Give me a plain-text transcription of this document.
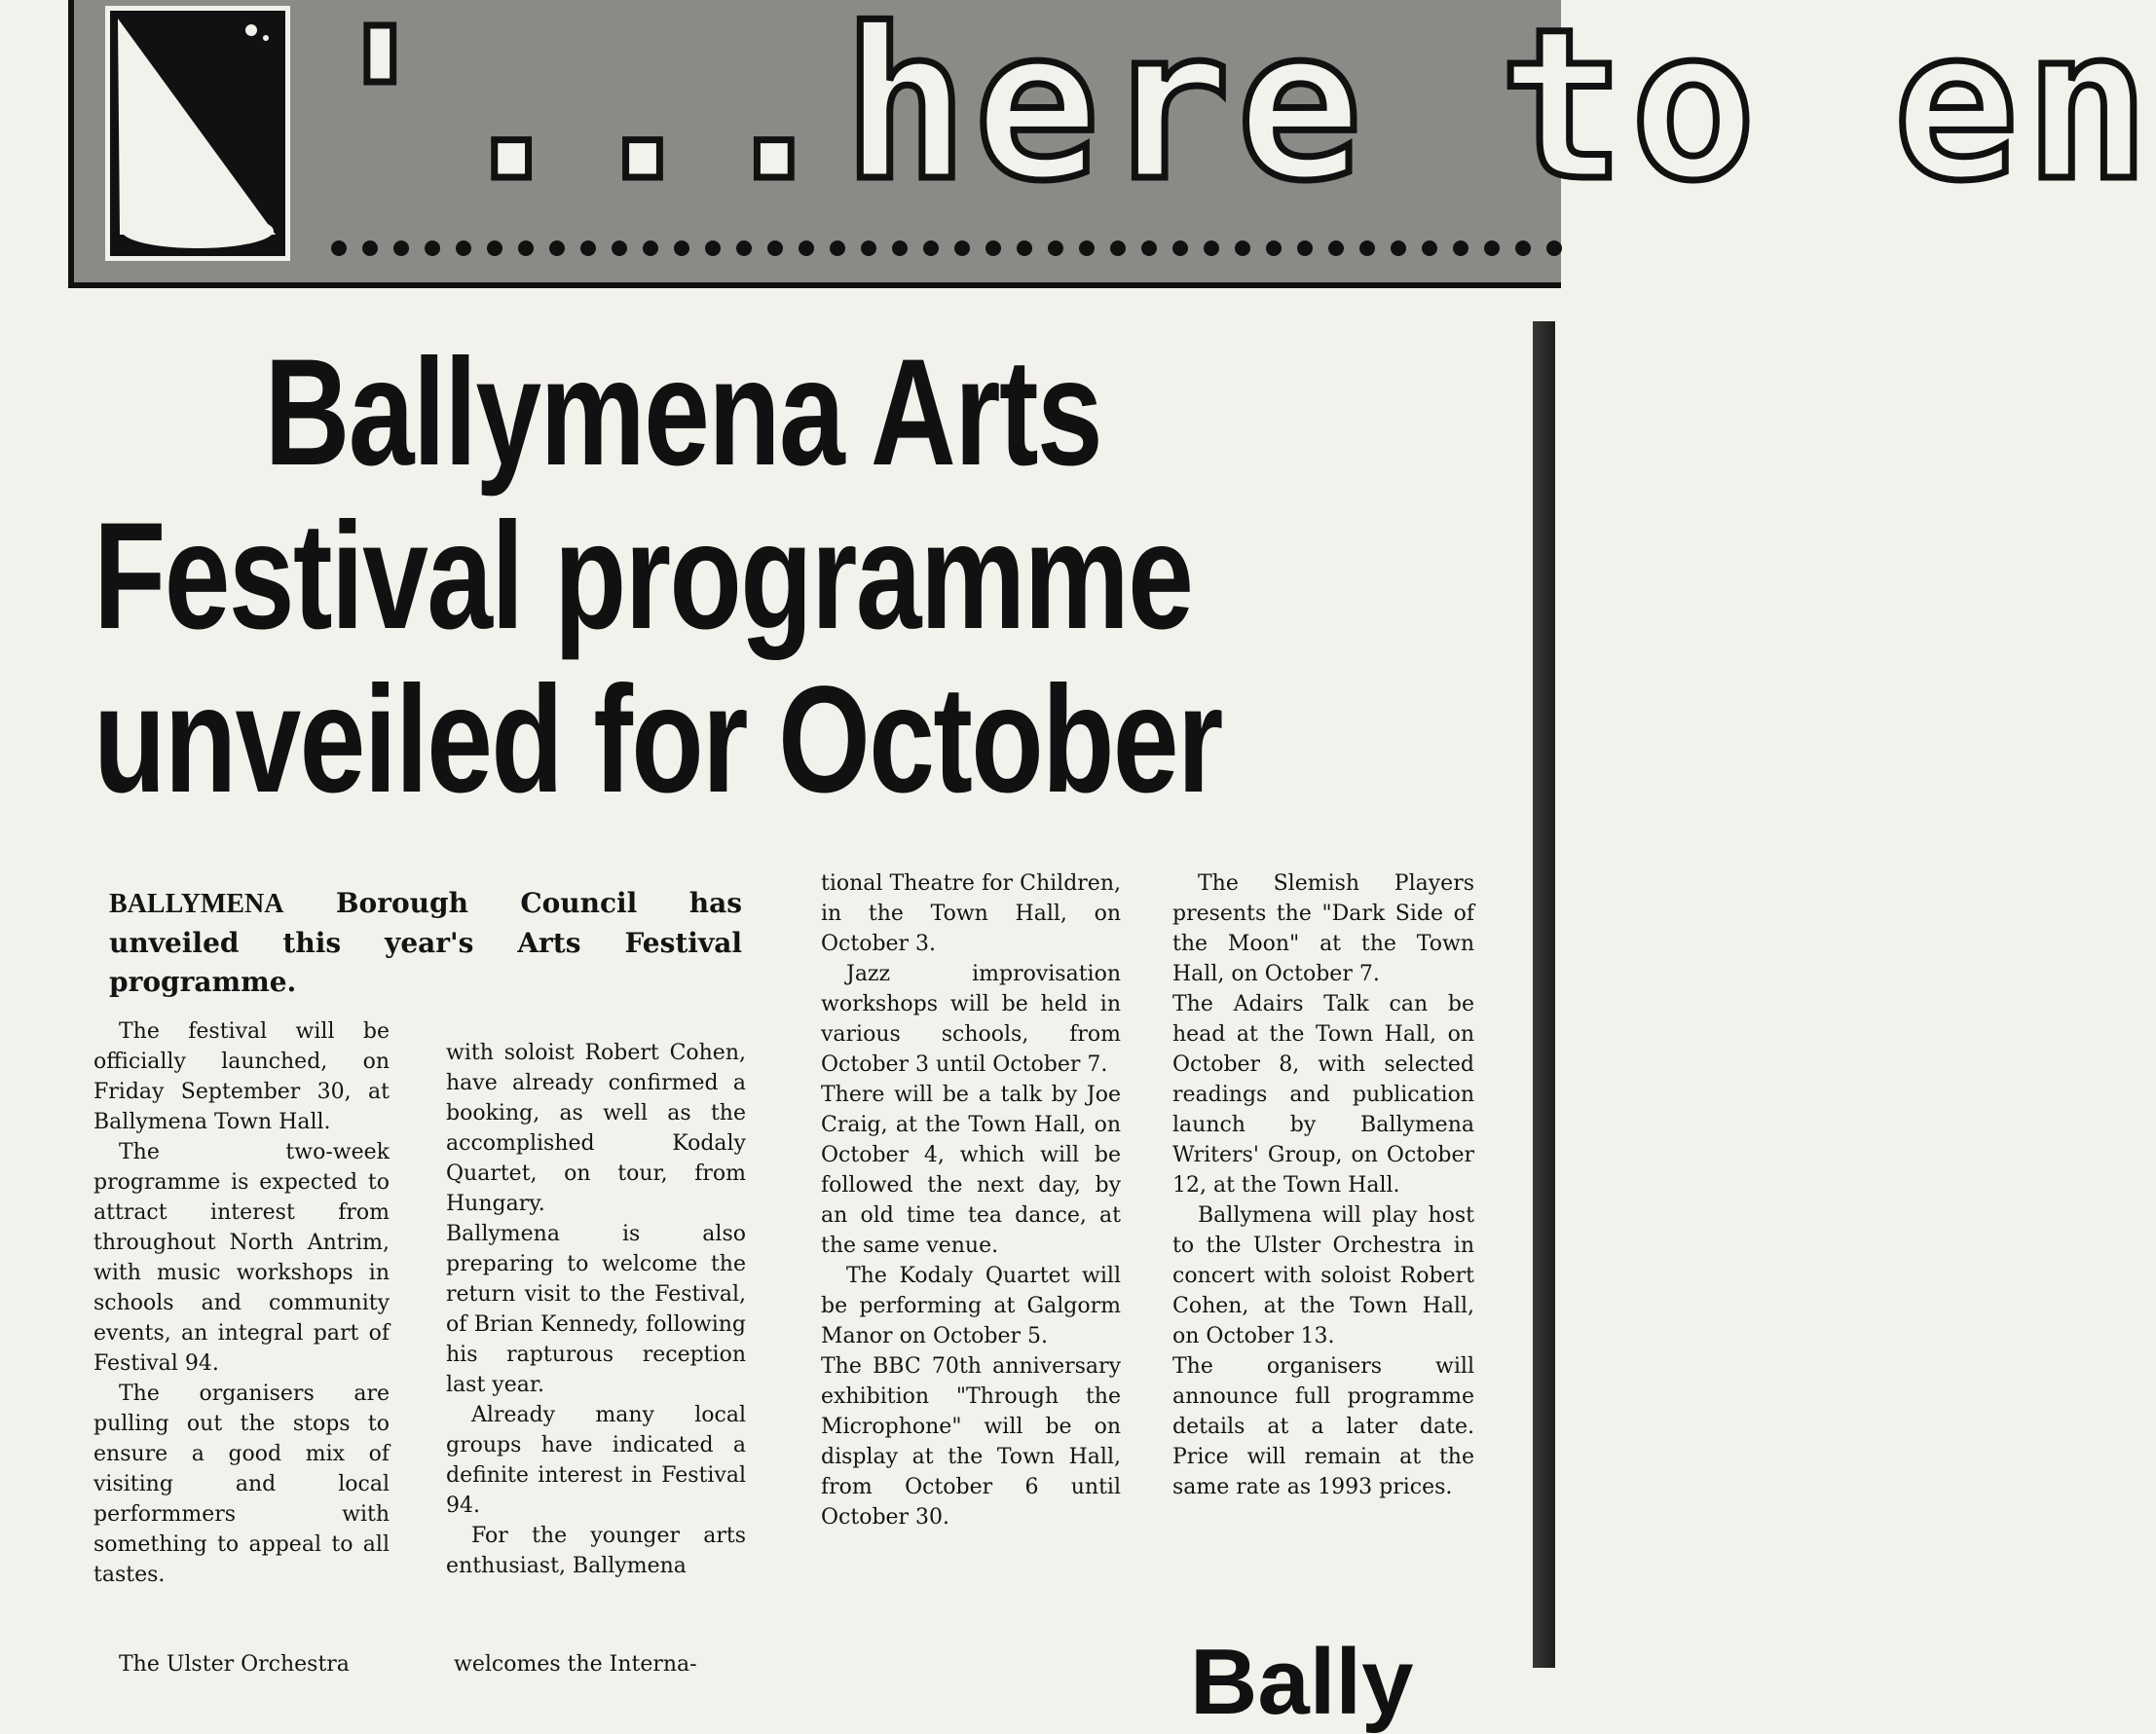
'...here to en
Ballymena Arts
Festival programme
unveiled for October
BALLYMENA Borough Council has unveiled this year's Arts Festival programme.

The festival will be officially launched, on Friday September 30, at Ballymena Town Hall.

The two-week programme is expected to attract interest from throughout North Antrim, with music workshops in schools and community events, an integral part of Festival 94.

The organisers are pulling out the stops to ensure a good mix of visiting and local performmers with something to appeal to all tastes.

The Ulster Orchestra

with soloist Robert Cohen, have already confirmed a booking, as well as the accomplished Kodaly Quartet, on tour, from Hungary.

Ballymena is also preparing to welcome the return visit to the Festival, of Brian Kennedy, following his rapturous reception last year.

Already many local groups have indicated a definite interest in Festival 94.

For the younger arts enthusiast, Ballymena

welcomes the Interna-

tional Theatre for Children, in the Town Hall, on October 3.

Jazz improvisation workshops will be held in various schools, from October 3 until October 7.

There will be a talk by Joe Craig, at the Town Hall, on October 4, which will be followed the next day, by an old time tea dance, at the same venue.

The Kodaly Quartet will be performing at Galgorm Manor on October 5.

The BBC 70th anniversary exhibition "Through the Microphone" will be on display at the Town Hall, from October 6 until October 30.

The Slemish Players presents the "Dark Side of the Moon" at the Town Hall, on October 7.

The Adairs Talk can be head at the Town Hall, on October 8, with selected readings and publication launch by Ballymena Writers' Group, on October 12, at the Town Hall.

Ballymena will play host to the Ulster Orchestra in concert with soloist Robert Cohen, at the Town Hall, on October 13.

The organisers will announce full programme details at a later date. Price will remain at the same rate as 1993 prices.

Bally
